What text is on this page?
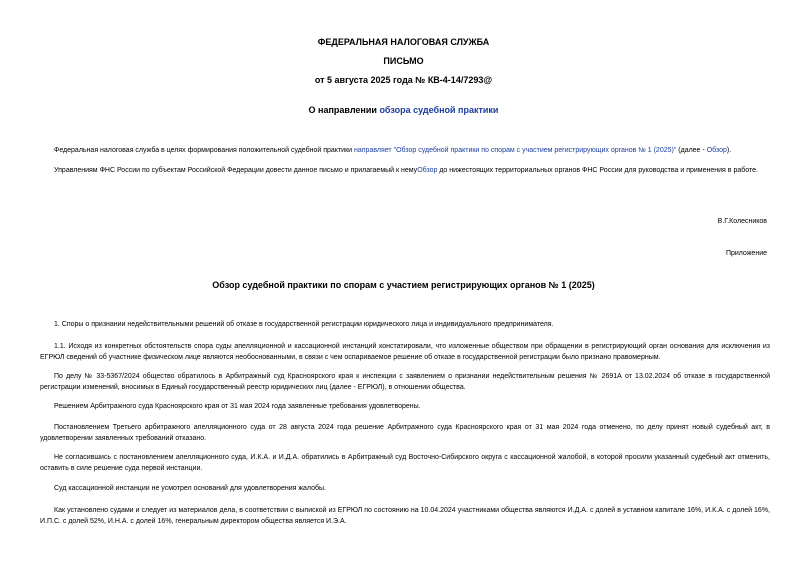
ФЕДЕРАЛЬНАЯ НАЛОГОВАЯ СЛУЖБА
ПИСЬМО
от 5 августа 2025 года № КВ-4-14/7293@
О направлении обзора судебной практики
Федеральная налоговая служба в целях формирования положительной судебной практики направляет "Обзор судебной практики по спорам с участием регистрирующих органов № 1 (2025)" (далее - Обзор).
Управлениям ФНС России по субъектам Российской Федерации довести данное письмо и прилагаемый к немуОбзор до нижестоящих территориальных органов ФНС России для руководства и применения в работе.
В.Г.Колесников
Приложение
Обзор судебной практики по спорам с участием регистрирующих органов № 1 (2025)
1. Споры о признании недействительными решений об отказе в государственной регистрации юридического лица и индивидуального предпринимателя.
1.1. Исходя из конкретных обстоятельств спора суды апелляционной и кассационной инстанций констатировали, что изложенные обществом при обращении в регистрирующий орган основания для исключения из ЕГРЮЛ сведений об участнике физическом лице являются необоснованными, в связи с чем оспариваемое решение об отказе в государственной регистрации было признано правомерным.
По делу № 33-5367/2024 общество обратилось в Арбитражный суд Красноярского края к инспекции с заявлением о признании недействительным решения № 2691А от 13.02.2024 об отказе в государственной регистрации изменений, вносимых в Единый государственный реестр юридических лиц (далее - ЕГРЮЛ), в отношении общества.
Решением Арбитражного суда Красноярского края от 31 мая 2024 года заявленные требования удовлетворены.
Постановлением Третьего арбитражного апелляционного суда от 28 августа 2024 года решение Арбитражного суда Красноярского края от 31 мая 2024 года отменено, по делу принят новый судебный акт, в удовлетворении заявленных требований отказано.
Не согласившись с постановлением апелляционного суда, И.К.А. и И.Д.А. обратились в Арбитражный суд Восточно-Сибирского округа с кассационной жалобой, в которой просили указанный судебный акт отменить, оставить в силе решение суда первой инстанции.
Суд кассационной инстанции не усмотрел оснований для удовлетворения жалобы.
Как установлено судами и следует из материалов дела, в соответствии с выпиской из ЕГРЮЛ по состоянию на 10.04.2024 участниками общества являются И.Д.А. с долей в уставном капитале 16%, И.К.А. с долей 16%, И.П.С. с долей 52%, И.Н.А. с долей 16%, генеральным директором общества является И.Э.А.
